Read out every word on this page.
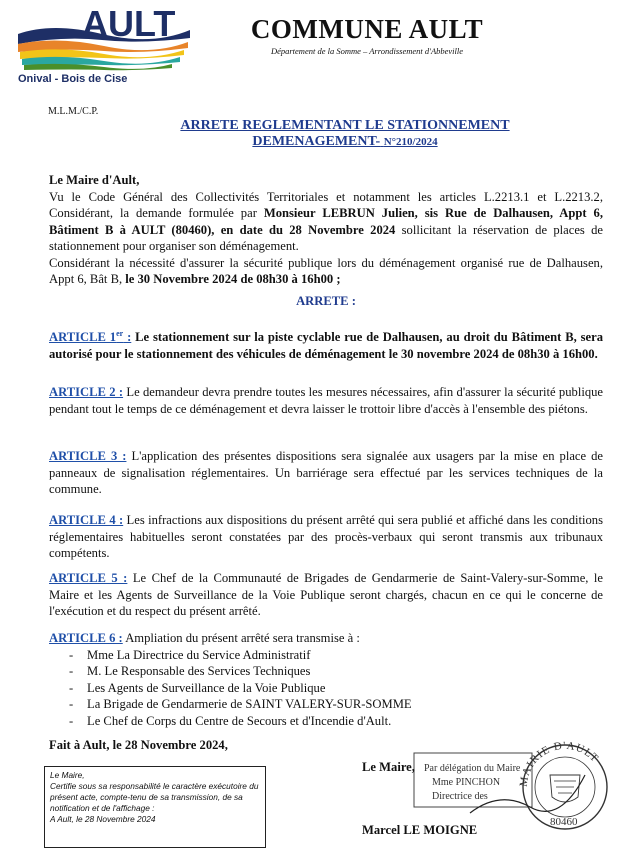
AULT
Onival - Bois de Cise
COMMUNE AULT
Département de la Somme – Arrondissement d'Abbeville
M.L.M./C.P.
ARRETE REGLEMENTANT LE STATIONNEMENT
DEMENAGEMENT- N°210/2024
Le Maire d'Ault,
Vu le Code Général des Collectivités Territoriales et notamment les articles L.2213.1 et L.2213.2,
Considérant, la demande formulée par Monsieur LEBRUN Julien, sis Rue de Dalhausen, Appt 6, Bâtiment B à AULT (80460), en date du 28 Novembre 2024 sollicitant la réservation de places de stationnement pour organiser son déménagement.
Considérant la nécessité d'assurer la sécurité publique lors du déménagement organisé rue de Dalhausen, Appt 6, Bât B, le 30 Novembre 2024 de 08h30 à 16h00 ;
ARRETE :
ARTICLE 1er : Le stationnement sur la piste cyclable rue de Dalhausen, au droit du Bâtiment B, sera autorisé pour le stationnement des véhicules de déménagement le 30 novembre 2024 de 08h30 à 16h00.
ARTICLE 2 : Le demandeur devra prendre toutes les mesures nécessaires, afin d'assurer la sécurité publique pendant tout le temps de ce déménagement et devra laisser le trottoir libre d'accès à l'ensemble des piétons.
ARTICLE 3 : L'application des présentes dispositions sera signalée aux usagers par la mise en place de panneaux de signalisation réglementaires. Un barriérage sera effectué par les services techniques de la commune.
ARTICLE 4 : Les infractions aux dispositions du présent arrêté qui sera publié et affiché dans les conditions réglementaires habituelles seront constatées par des procès-verbaux qui seront transmis aux tribunaux compétents.
ARTICLE 5 : Le Chef de la Communauté de Brigades de Gendarmerie de Saint-Valery-sur-Somme, le Maire et les Agents de Surveillance de la Voie Publique seront chargés, chacun en ce qui le concerne de l'exécution et du respect du présent arrêté.
ARTICLE 6 : Ampliation du présent arrêté sera transmise à :
- Mme La Directrice du Service Administratif
- M. Le Responsable des Services Techniques
- Les Agents de Surveillance de la Voie Publique
- La Brigade de Gendarmerie de SAINT VALERY-SUR-SOMME
- Le Chef de Corps du Centre de Secours et d'Incendie d'Ault.
Fait à Ault, le 28 Novembre 2024,
Le Maire,
Certifie sous sa responsabilité le caractère exécutoire du présent acte, compte-tenu de sa transmission, de sa notification et de l'affichage :
A Ault, le 28 Novembre 2024
Par délégation du Maire
Mme PINCHON
Directrice des
MAIRIE D'AULT
80460
Le Maire,
Marcel LE MOIGNE
